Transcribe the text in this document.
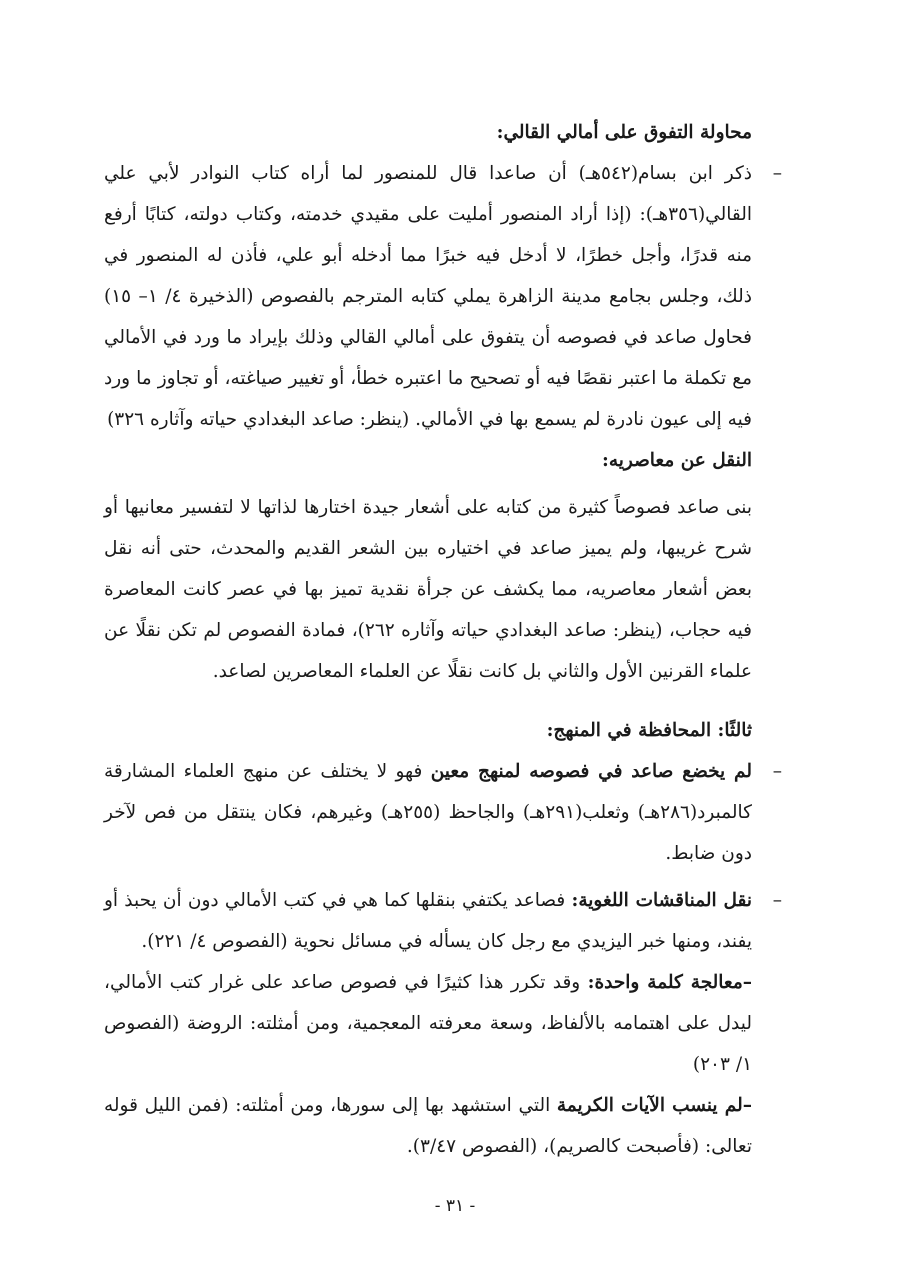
محاولة التفوق على أمالي القالي:

–
ذكر ابن بسام(٥٤٢هـ) أن صاعدا قال للمنصور لما أراه كتاب النوادر لأبي علي القالي(٣٥٦هـ): (إذا أراد المنصور أمليت على مقيدي خدمته، وكتاب دولته، كتابًا أرفع منه قدرًا، وأجل خطرًا، لا أدخل فيه خبرًا مما أدخله أبو علي، فأذن له المنصور في ذلك، وجلس بجامع مدينة الزاهرة يملي كتابه المترجم بالفصوص (الذخيرة ٤/ ١– ١٥) فحاول صاعد في فصوصه أن يتفوق على أمالي القالي وذلك بإيراد ما ورد في الأمالي مع تكملة ما اعتبر نقصًا فيه أو تصحيح ما اعتبره خطأ، أو تغيير صياغته، أو تجاوز ما ورد فيه إلى عيون نادرة لم يسمع بها في الأمالي. (ينظر: صاعد البغدادي حياته وآثاره ٣٢٦)

النقل عن معاصريه:

بنى صاعد فصوصاً كثيرة من كتابه على أشعار جيدة اختارها لذاتها لا لتفسير معانيها أو شرح غريبها، ولم يميز صاعد في اختياره بين الشعر القديم والمحدث، حتى أنه نقل بعض أشعار معاصريه، مما يكشف عن جرأة نقدية تميز بها في عصر كانت المعاصرة فيه حجاب، (ينظر: صاعد البغدادي حياته وآثاره ٢٦٢)، فمادة الفصوص لم تكن نقلًا عن علماء القرنين الأول والثاني بل كانت نقلًا عن العلماء المعاصرين لصاعد.

ثالثًا: المحافظة في المنهج:

–
لم يخضع صاعد في فصوصه لمنهج معين فهو لا يختلف عن منهج العلماء المشارقة كالمبرد(٢٨٦هـ) وثعلب(٢٩١هـ) والجاحظ (٢٥٥هـ) وغيرهم، فكان ينتقل من فص لآخر دون ضابط.

–
نقل المناقشات اللغوية: فصاعد يكتفي بنقلها كما هي في كتب الأمالي دون أن يحبذ أو يفند، ومنها خبر اليزيدي مع رجل كان يسأله في مسائل نحوية (الفصوص ٤/ ٢٢١).

–معالجة كلمة واحدة: وقد تكرر هذا كثيرًا في فصوص صاعد على غرار كتب الأمالي، ليدل على اهتمامه بالألفاظ، وسعة معرفته المعجمية، ومن أمثلته: الروضة (الفصوص ١/ ٢٠٣)

–لم ينسب الآيات الكريمة التي استشهد بها إلى سورها، ومن أمثلته: (فمن الليل قوله تعالى: (فأصبحت كالصريم)، (الفصوص ٣/٤٧).

- ٣١ -
